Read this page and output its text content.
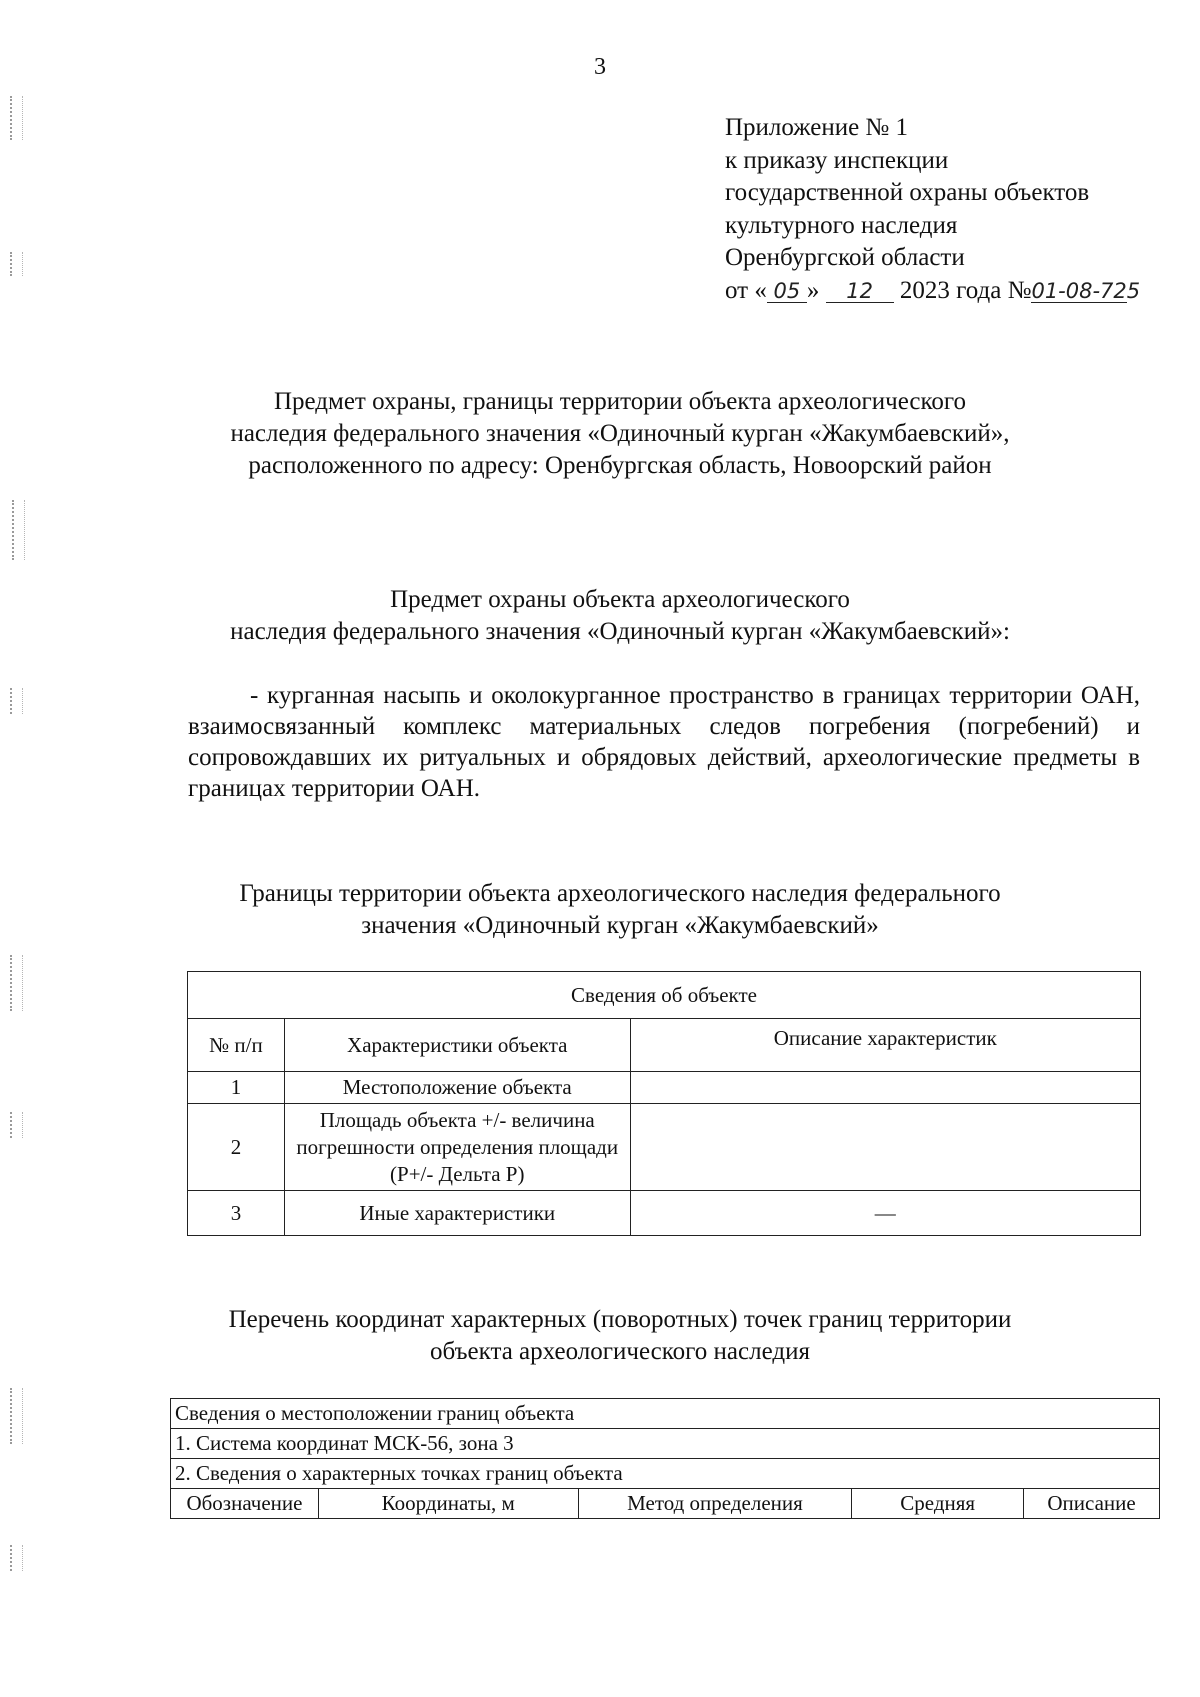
3
Приложение № 1
к приказу инспекции
государственной охраны объектов
культурного наследия
Оренбургской области
от « 05 » 12 2023 года №01-08-725
Предмет охраны, границы территории объекта археологического
наследия федерального значения «Одиночный курган «Жакумбаевский»,
расположенного по адресу: Оренбургская область, Новоорский район
Предмет охраны объекта археологического
наследия федерального значения «Одиночный курган «Жакумбаевский»:
- курганная насыпь и околокурганное пространство в границах территории ОАН, взаимосвязанный комплекс материальных следов погребения (погребений) и сопровождавших их ритуальных и обрядовых действий, археологические предметы в границах территории ОАН.
Границы территории объекта археологического наследия федерального
значения «Одиночный курган «Жакумбаевский»
Сведения об объекте		
№ п/п	Характеристики объекта	Описание характеристик
1	Местоположение объекта	
2	Площадь объекта +/- величина погрешности определения площади (P+/- Дельта P)	
3	Иные характеристики	—
Перечень координат характерных (поворотных) точек границ территории
объекта археологического наследия
Сведения о местоположении границ объекта
1. Система координат МСК-56, зона 3
2. Сведения о характерных точках границ объекта
Обозначение	Координаты, м	Метод определения	Средняя	Описание
